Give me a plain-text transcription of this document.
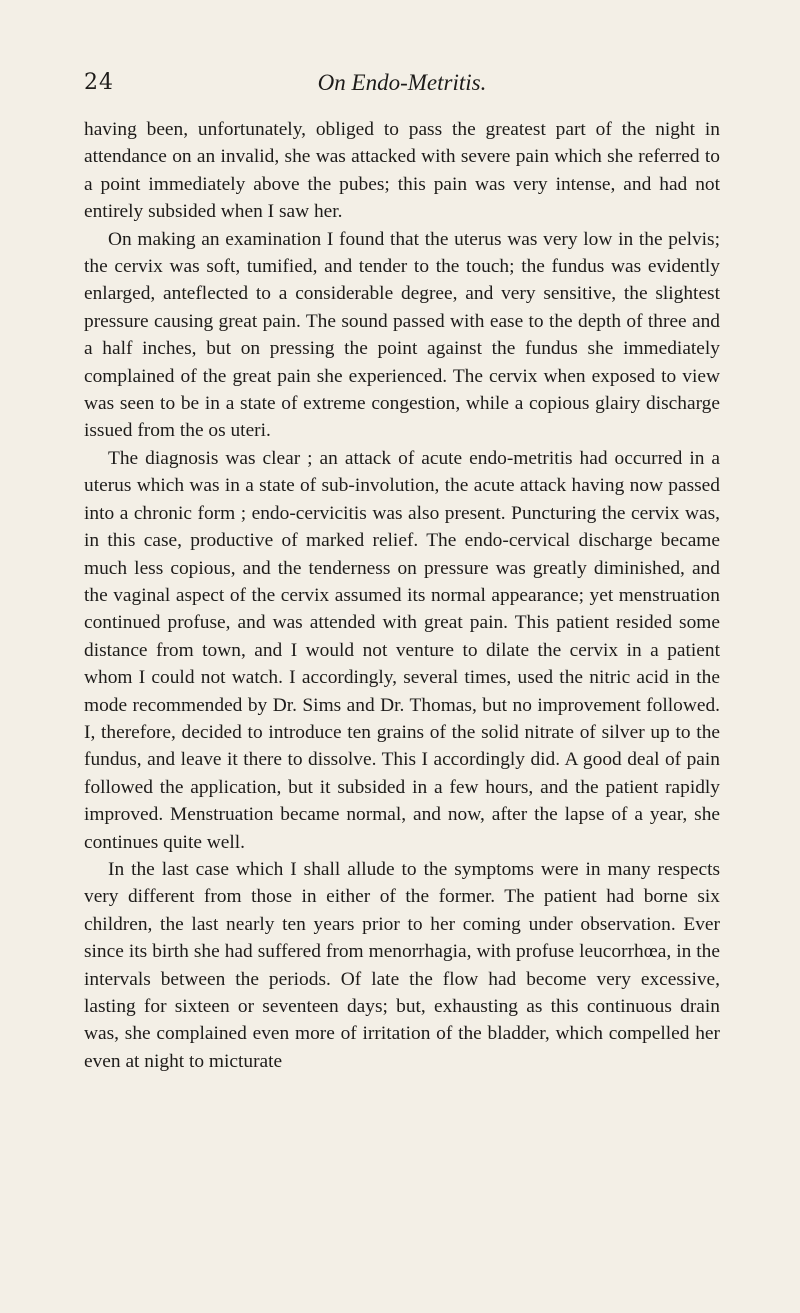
24	On Endo-Metritis.

having been, unfortunately, obliged to pass the greatest part of the night in attendance on an invalid, she was attacked with severe pain which she referred to a point immediately above the pubes; this pain was very intense, and had not entirely subsided when I saw her.

On making an examination I found that the uterus was very low in the pelvis; the cervix was soft, tumified, and tender to the touch; the fundus was evidently enlarged, anteflected to a considerable degree, and very sensitive, the slightest pressure causing great pain. The sound passed with ease to the depth of three and a half inches, but on pressing the point against the fundus she immediately complained of the great pain she experienced. The cervix when exposed to view was seen to be in a state of extreme congestion, while a copious glairy discharge issued from the os uteri.

The diagnosis was clear ; an attack of acute endo-metritis had occurred in a uterus which was in a state of sub-involution, the acute attack having now passed into a chronic form ; endo-cervicitis was also present. Puncturing the cervix was, in this case, productive of marked relief. The endo-cervical discharge became much less copious, and the tenderness on pressure was greatly diminished, and the vaginal aspect of the cervix assumed its normal appearance; yet menstruation continued profuse, and was attended with great pain. This patient resided some distance from town, and I would not venture to dilate the cervix in a patient whom I could not watch. I accordingly, several times, used the nitric acid in the mode recommended by Dr. Sims and Dr. Thomas, but no improvement followed. I, therefore, decided to introduce ten grains of the solid nitrate of silver up to the fundus, and leave it there to dissolve. This I accordingly did. A good deal of pain followed the application, but it subsided in a few hours, and the patient rapidly improved. Menstruation became normal, and now, after the lapse of a year, she continues quite well.

In the last case which I shall allude to the symptoms were in many respects very different from those in either of the former. The patient had borne six children, the last nearly ten years prior to her coming under observation. Ever since its birth she had suffered from menorrhagia, with profuse leucorrhœa, in the intervals between the periods. Of late the flow had become very excessive, lasting for sixteen or seventeen days; but, exhausting as this continuous drain was, she complained even more of irritation of the bladder, which compelled her even at night to micturate
